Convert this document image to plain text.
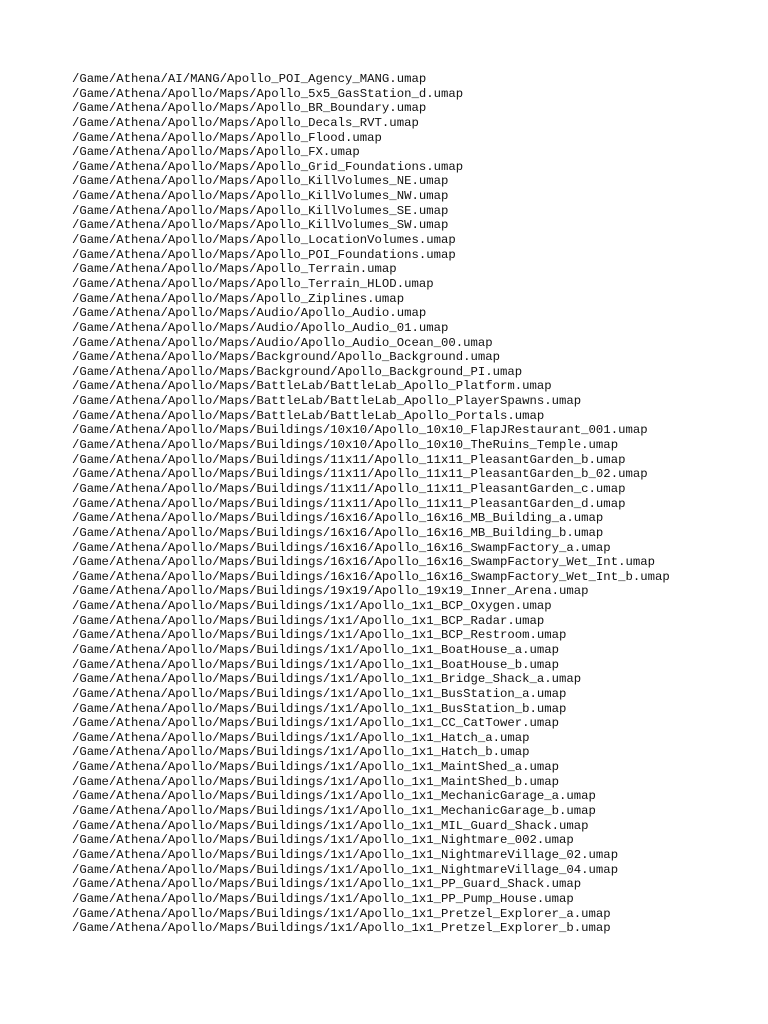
/Game/Athena/AI/MANG/Apollo_POI_Agency_MANG.umap
/Game/Athena/Apollo/Maps/Apollo_5x5_GasStation_d.umap
/Game/Athena/Apollo/Maps/Apollo_BR_Boundary.umap
/Game/Athena/Apollo/Maps/Apollo_Decals_RVT.umap
/Game/Athena/Apollo/Maps/Apollo_Flood.umap
/Game/Athena/Apollo/Maps/Apollo_FX.umap
/Game/Athena/Apollo/Maps/Apollo_Grid_Foundations.umap
/Game/Athena/Apollo/Maps/Apollo_KillVolumes_NE.umap
/Game/Athena/Apollo/Maps/Apollo_KillVolumes_NW.umap
/Game/Athena/Apollo/Maps/Apollo_KillVolumes_SE.umap
/Game/Athena/Apollo/Maps/Apollo_KillVolumes_SW.umap
/Game/Athena/Apollo/Maps/Apollo_LocationVolumes.umap
/Game/Athena/Apollo/Maps/Apollo_POI_Foundations.umap
/Game/Athena/Apollo/Maps/Apollo_Terrain.umap
/Game/Athena/Apollo/Maps/Apollo_Terrain_HLOD.umap
/Game/Athena/Apollo/Maps/Apollo_Ziplines.umap
/Game/Athena/Apollo/Maps/Audio/Apollo_Audio.umap
/Game/Athena/Apollo/Maps/Audio/Apollo_Audio_01.umap
/Game/Athena/Apollo/Maps/Audio/Apollo_Audio_Ocean_00.umap
/Game/Athena/Apollo/Maps/Background/Apollo_Background.umap
/Game/Athena/Apollo/Maps/Background/Apollo_Background_PI.umap
/Game/Athena/Apollo/Maps/BattleLab/BattleLab_Apollo_Platform.umap
/Game/Athena/Apollo/Maps/BattleLab/BattleLab_Apollo_PlayerSpawns.umap
/Game/Athena/Apollo/Maps/BattleLab/BattleLab_Apollo_Portals.umap
/Game/Athena/Apollo/Maps/Buildings/10x10/Apollo_10x10_FlapJRestaurant_001.umap
/Game/Athena/Apollo/Maps/Buildings/10x10/Apollo_10x10_TheRuins_Temple.umap
/Game/Athena/Apollo/Maps/Buildings/11x11/Apollo_11x11_PleasantGarden_b.umap
/Game/Athena/Apollo/Maps/Buildings/11x11/Apollo_11x11_PleasantGarden_b_02.umap
/Game/Athena/Apollo/Maps/Buildings/11x11/Apollo_11x11_PleasantGarden_c.umap
/Game/Athena/Apollo/Maps/Buildings/11x11/Apollo_11x11_PleasantGarden_d.umap
/Game/Athena/Apollo/Maps/Buildings/16x16/Apollo_16x16_MB_Building_a.umap
/Game/Athena/Apollo/Maps/Buildings/16x16/Apollo_16x16_MB_Building_b.umap
/Game/Athena/Apollo/Maps/Buildings/16x16/Apollo_16x16_SwampFactory_a.umap
/Game/Athena/Apollo/Maps/Buildings/16x16/Apollo_16x16_SwampFactory_Wet_Int.umap
/Game/Athena/Apollo/Maps/Buildings/16x16/Apollo_16x16_SwampFactory_Wet_Int_b.umap
/Game/Athena/Apollo/Maps/Buildings/19x19/Apollo_19x19_Inner_Arena.umap
/Game/Athena/Apollo/Maps/Buildings/1x1/Apollo_1x1_BCP_Oxygen.umap
/Game/Athena/Apollo/Maps/Buildings/1x1/Apollo_1x1_BCP_Radar.umap
/Game/Athena/Apollo/Maps/Buildings/1x1/Apollo_1x1_BCP_Restroom.umap
/Game/Athena/Apollo/Maps/Buildings/1x1/Apollo_1x1_BoatHouse_a.umap
/Game/Athena/Apollo/Maps/Buildings/1x1/Apollo_1x1_BoatHouse_b.umap
/Game/Athena/Apollo/Maps/Buildings/1x1/Apollo_1x1_Bridge_Shack_a.umap
/Game/Athena/Apollo/Maps/Buildings/1x1/Apollo_1x1_BusStation_a.umap
/Game/Athena/Apollo/Maps/Buildings/1x1/Apollo_1x1_BusStation_b.umap
/Game/Athena/Apollo/Maps/Buildings/1x1/Apollo_1x1_CC_CatTower.umap
/Game/Athena/Apollo/Maps/Buildings/1x1/Apollo_1x1_Hatch_a.umap
/Game/Athena/Apollo/Maps/Buildings/1x1/Apollo_1x1_Hatch_b.umap
/Game/Athena/Apollo/Maps/Buildings/1x1/Apollo_1x1_MaintShed_a.umap
/Game/Athena/Apollo/Maps/Buildings/1x1/Apollo_1x1_MaintShed_b.umap
/Game/Athena/Apollo/Maps/Buildings/1x1/Apollo_1x1_MechanicGarage_a.umap
/Game/Athena/Apollo/Maps/Buildings/1x1/Apollo_1x1_MechanicGarage_b.umap
/Game/Athena/Apollo/Maps/Buildings/1x1/Apollo_1x1_MIL_Guard_Shack.umap
/Game/Athena/Apollo/Maps/Buildings/1x1/Apollo_1x1_Nightmare_002.umap
/Game/Athena/Apollo/Maps/Buildings/1x1/Apollo_1x1_NightmareVillage_02.umap
/Game/Athena/Apollo/Maps/Buildings/1x1/Apollo_1x1_NightmareVillage_04.umap
/Game/Athena/Apollo/Maps/Buildings/1x1/Apollo_1x1_PP_Guard_Shack.umap
/Game/Athena/Apollo/Maps/Buildings/1x1/Apollo_1x1_PP_Pump_House.umap
/Game/Athena/Apollo/Maps/Buildings/1x1/Apollo_1x1_Pretzel_Explorer_a.umap
/Game/Athena/Apollo/Maps/Buildings/1x1/Apollo_1x1_Pretzel_Explorer_b.umap
